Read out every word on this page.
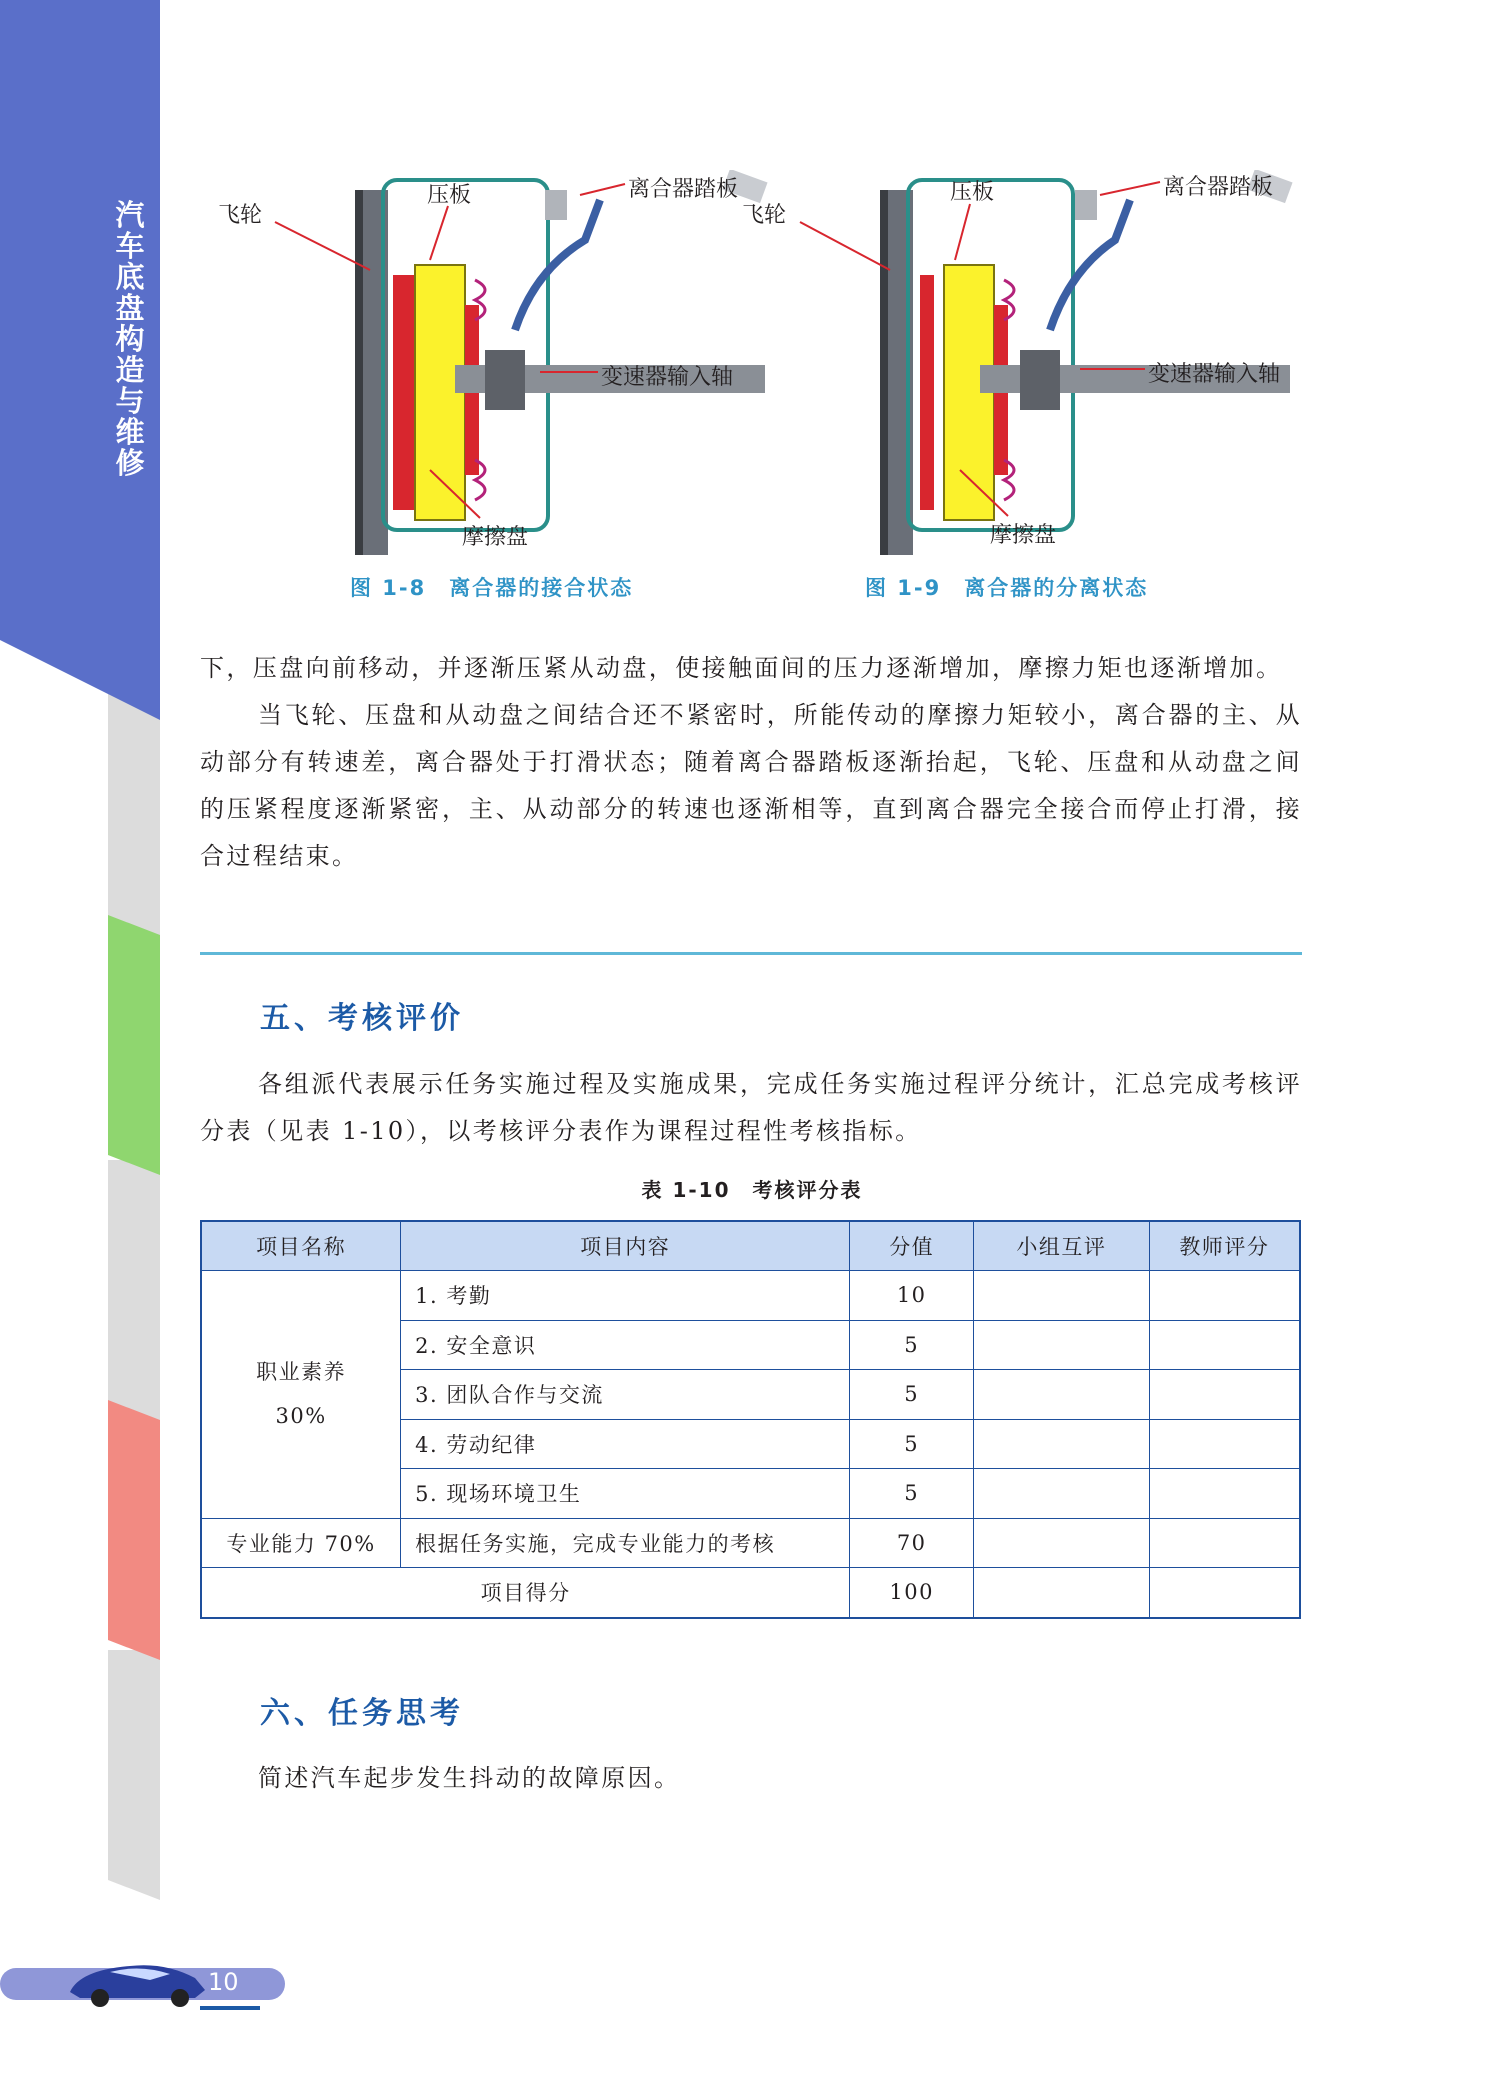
汽车底盘构造与维修
飞轮
压板	离合器踏板
变速器输入轴
摩擦盘
图 1-8　离合器的接合状态
飞轮
压板	离合器踏板
变速器输入轴
摩擦盘
图 1-9　离合器的分离状态

下，压盘向前移动，并逐渐压紧从动盘，使接触面间的压力逐渐增加，摩擦力矩也逐渐增加。

当飞轮、压盘和从动盘之间结合还不紧密时，所能传动的摩擦力矩较小，离合器的主、从动部分有转速差，离合器处于打滑状态；随着离合器踏板逐渐抬起，飞轮、压盘和从动盘之间的压紧程度逐渐紧密，主、从动部分的转速也逐渐相等，直到离合器完全接合而停止打滑，接合过程结束。

五、考核评价

各组派代表展示任务实施过程及实施成果，完成任务实施过程评分统计，汇总完成考核评分表（见表 1-10），以考核评分表作为课程过程性考核指标。

表 1-10　考核评分表
项目名称	项目内容	分值	小组互评	教师评分

职业素养
30%	1. 考勤	10		
	2. 安全意识	5		
	3. 团队合作与交流	5		
	4. 劳动纪律	5		
	5. 现场环境卫生	5		
专业能力 70%	根据任务实施，完成专业能力的考核	70		
项目得分		100		
六、任务思考

简述汽车起步发生抖动的故障原因。

10
